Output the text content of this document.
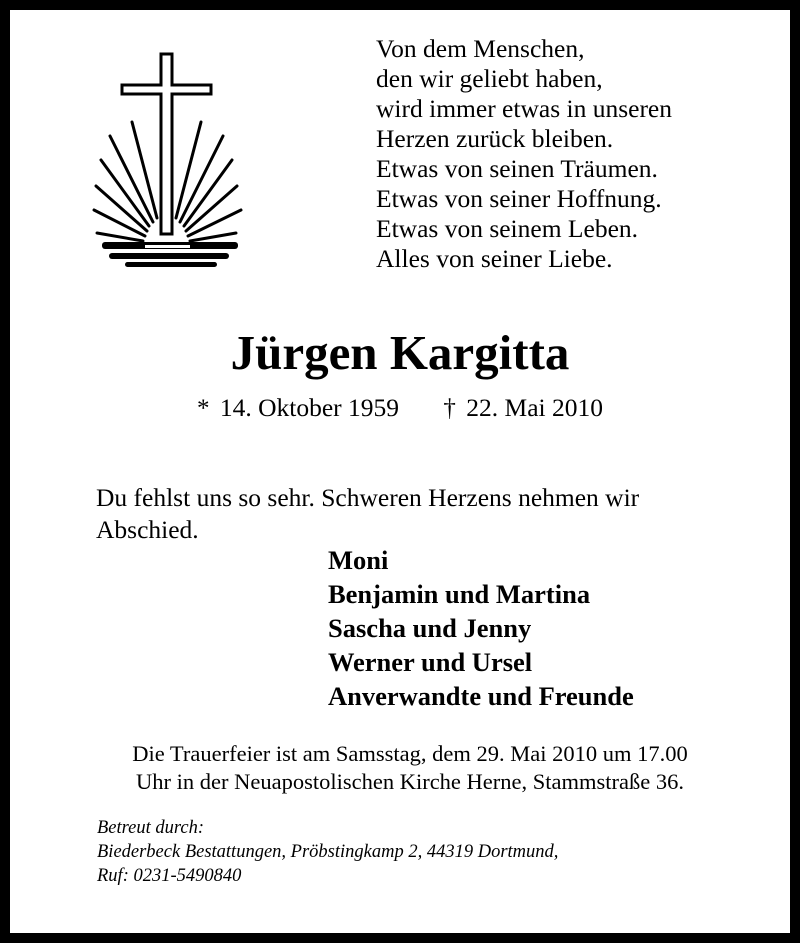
Von dem Menschen,
den wir geliebt haben,
wird immer etwas in unseren
Herzen zurück bleiben.
Etwas von seinen Träumen.
Etwas von seiner Hoffnung.
Etwas von seinem Leben.
Alles von seiner Liebe.
Jürgen Kargitta
* 14. Oktober 1959 † 22. Mai 2010
Du fehlst uns so sehr. Schweren Herzens nehmen wir
Abschied.
Moni
Benjamin und Martina
Sascha und Jenny
Werner und Ursel
Anverwandte und Freunde
Die Trauerfeier ist am Samsstag, dem 29. Mai 2010 um 17.00
Uhr in der Neuapostolischen Kirche Herne, Stammstraße 36.
Betreut durch:
Biederbeck Bestattungen, Pröbstingkamp 2, 44319 Dortmund,
Ruf: 0231-5490840
